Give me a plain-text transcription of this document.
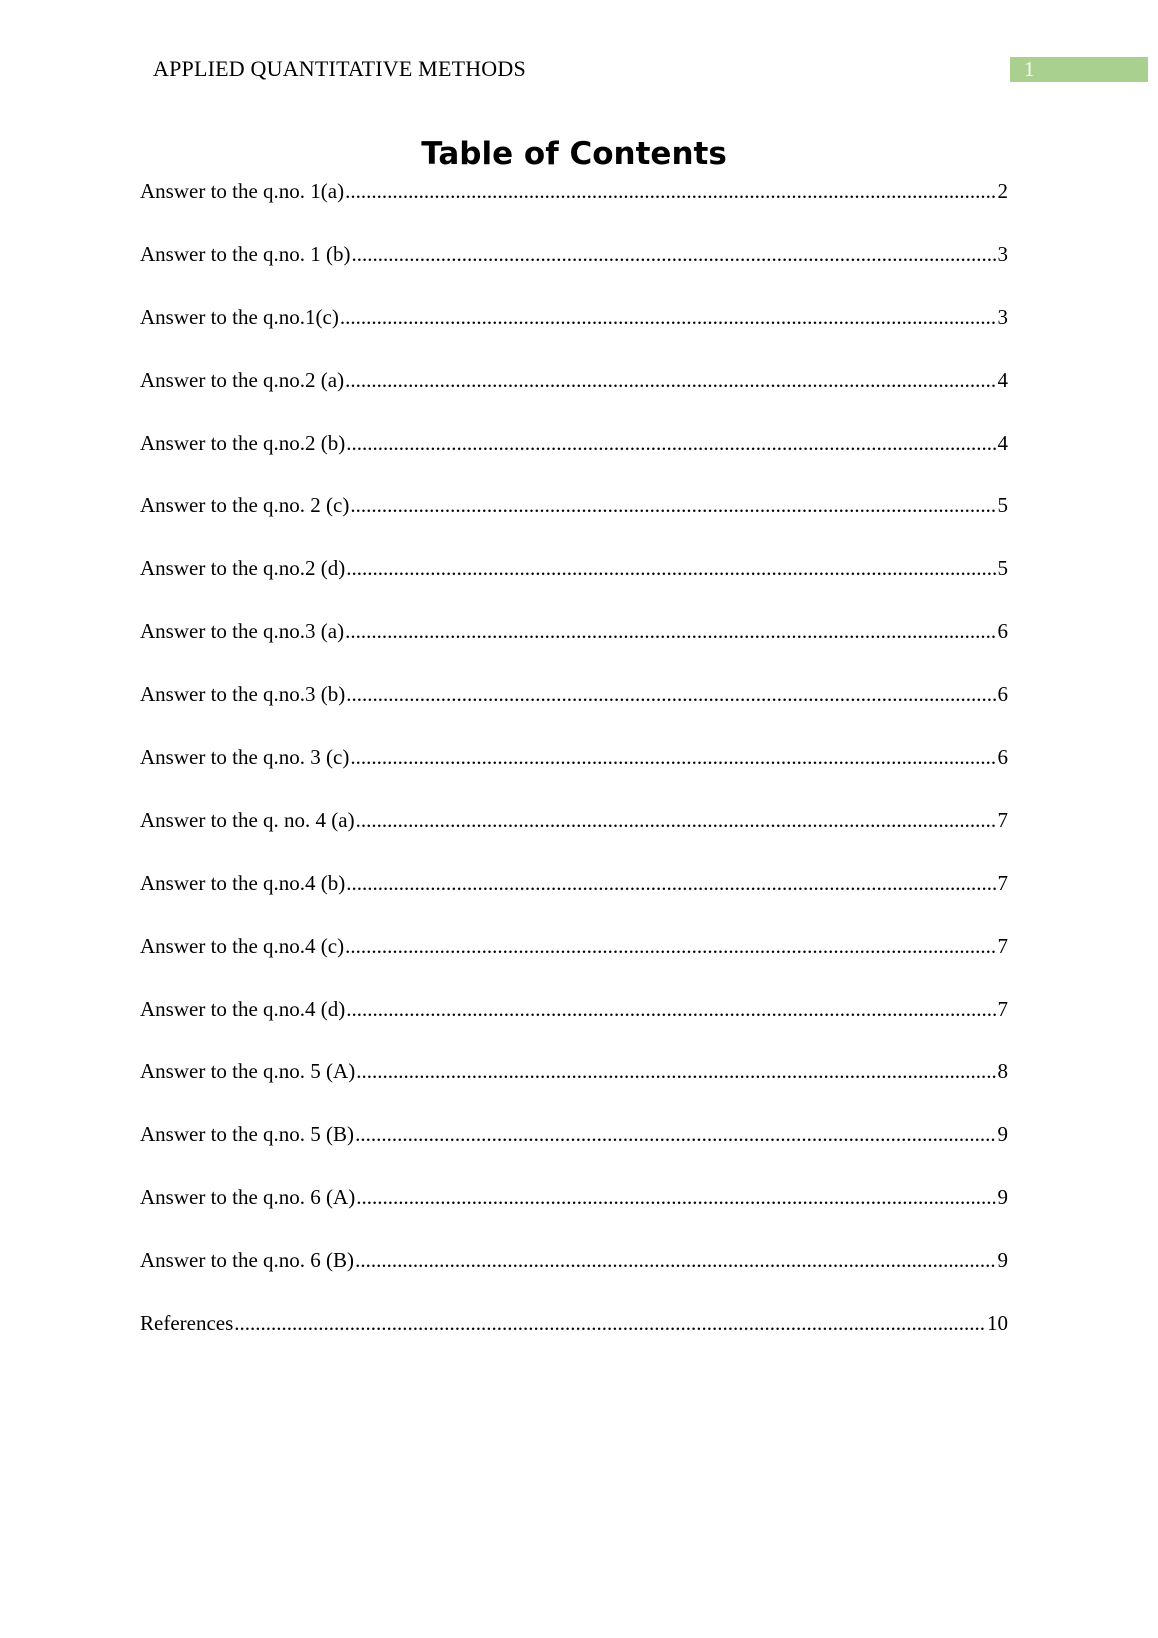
APPLIED QUANTITATIVE METHODS	1
Table of Contents
Answer to the q.no. 1(a) .....	2
Answer to the q.no. 1 (b) .....	3
Answer to the q.no.1(c) .....	3
Answer to the q.no.2 (a) .....	4
Answer to the q.no.2 (b) .....	4
Answer to the q.no. 2 (c) .....	5
Answer to the q.no.2 (d) .....	5
Answer to the q.no.3 (a) .....	6
Answer to the q.no.3 (b) .....	6
Answer to the q.no. 3 (c) .....	6
Answer to the q. no. 4 (a) .....	7
Answer to the q.no.4 (b) .....	7
Answer to the q.no.4 (c) .....	7
Answer to the q.no.4 (d) .....	7
Answer to the q.no. 5 (A) .....	8
Answer to the q.no. 5 (B) .....	9
Answer to the q.no. 6 (A) .....	9
Answer to the q.no. 6 (B) .....	9
References .....	10
